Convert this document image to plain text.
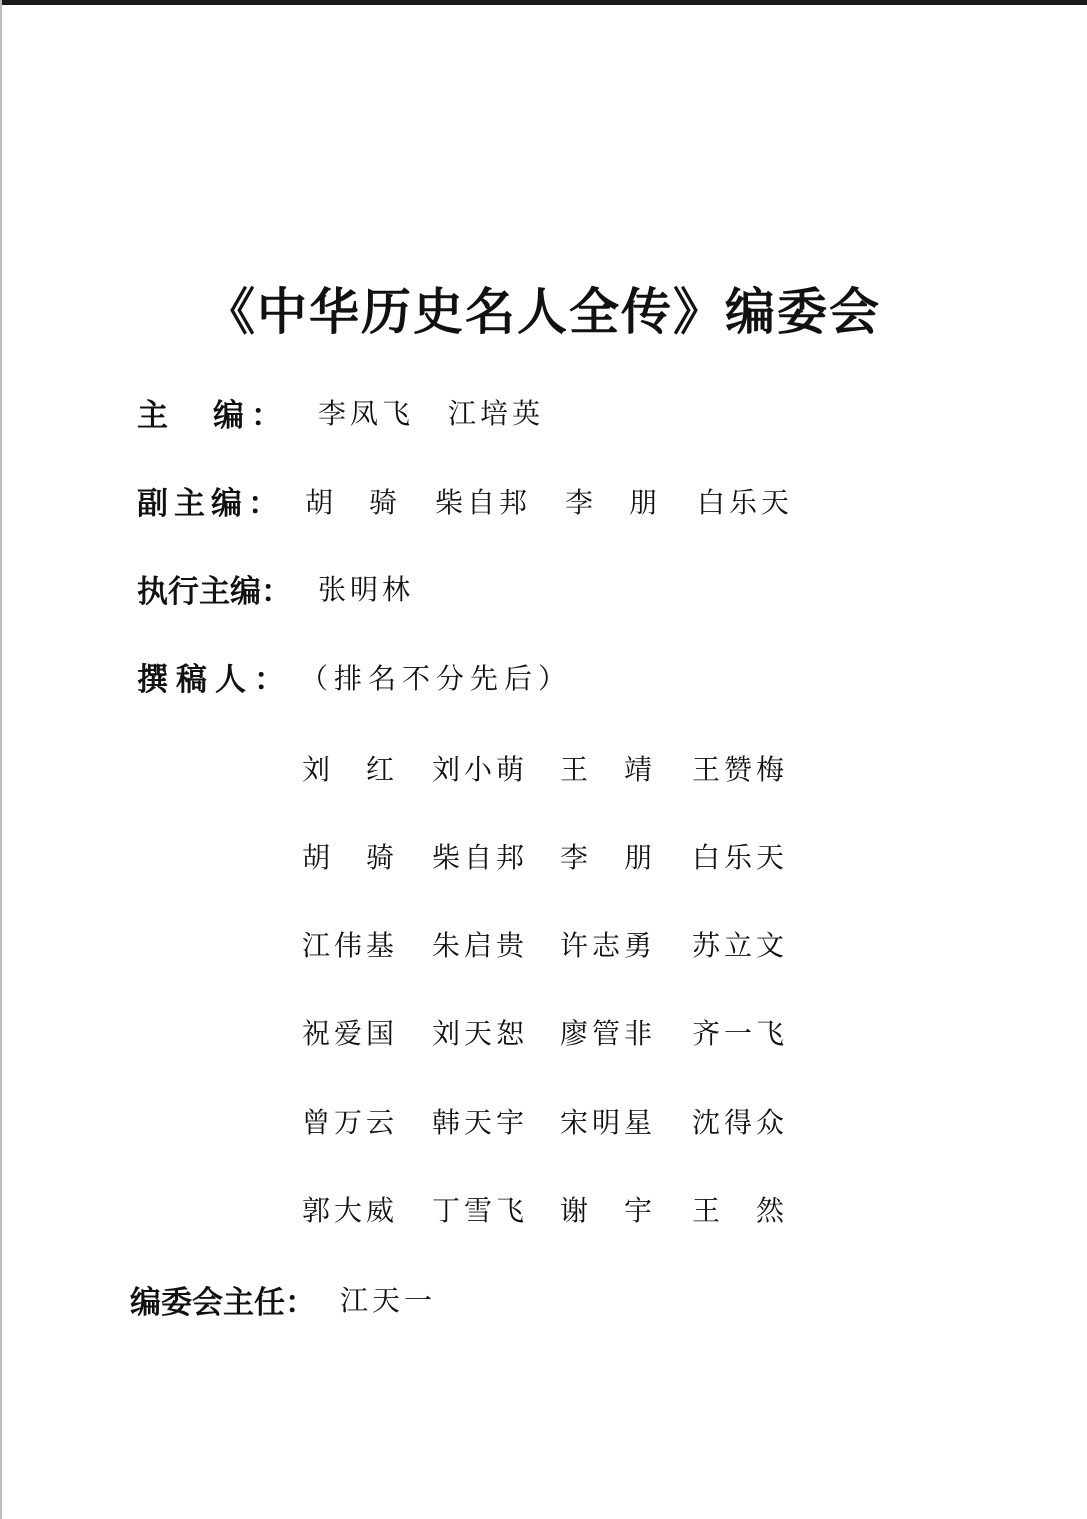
《中华历史名人全传》编委会
主　编： 李凤飞 江培英
副主编： 胡骑 柴自邦 李朋 白乐天
执行主编： 张明林
撰稿人： （排名不分先后）
刘红 刘小萌 王靖 王赞梅
胡骑 柴自邦 李朋 白乐天
江伟基 朱启贵 许志勇 苏立文
祝爱国 刘天恕 廖管非 齐一飞
曾万云 韩天宇 宋明星 沈得众
郭大威 丁雪飞 谢宇 王然
编委会主任： 江天一
